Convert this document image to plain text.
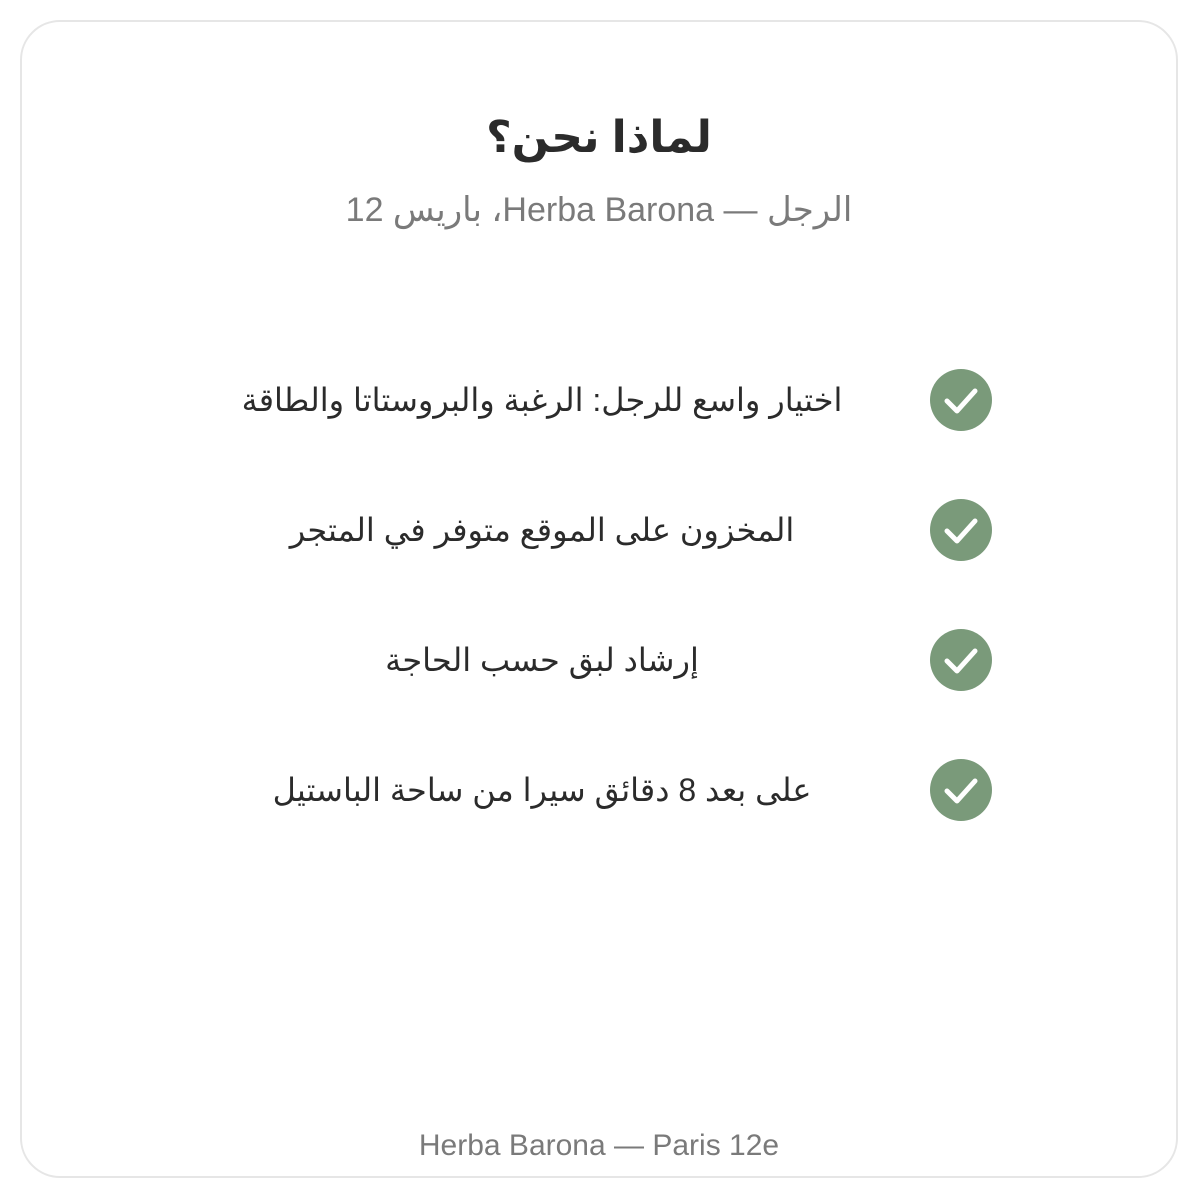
لماذا نحن؟
الرجل — Herba Barona، باريس 12
اختيار واسع للرجل: الرغبة والبروستاتا والطاقة
المخزون على الموقع متوفر في المتجر
إرشاد لبق حسب الحاجة
على بعد 8 دقائق سيرا من ساحة الباستيل
Herba Barona — Paris 12e
